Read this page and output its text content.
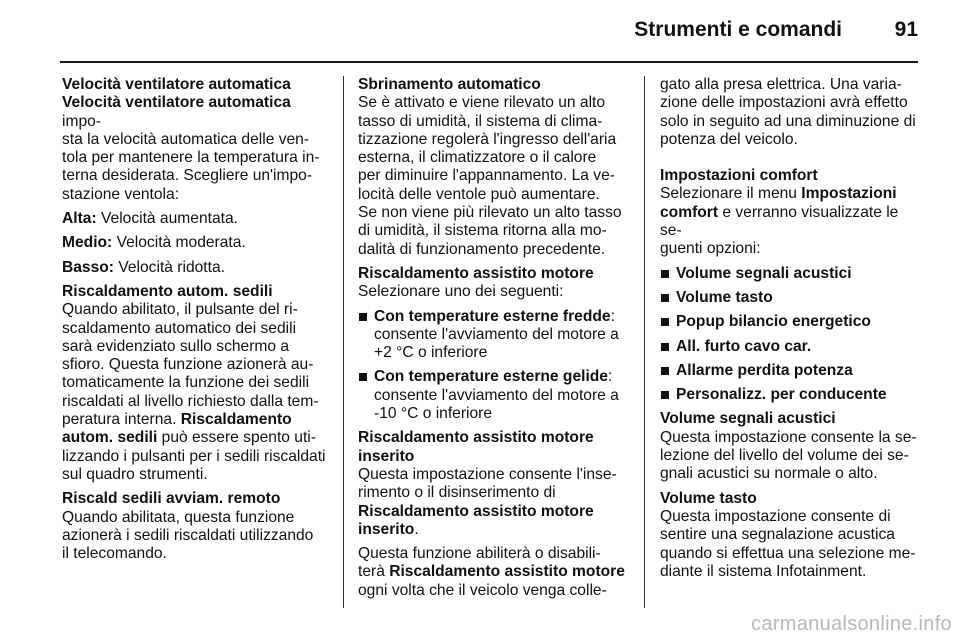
Strumenti e comandi	91
Velocità ventilatore automatica
Velocità ventilatore automatica impo-
sta la velocità automatica delle ven-
tola per mantenere la temperatura in-
terna desiderata. Scegliere un'impo-
stazione ventola:
Alta: Velocità aumentata.
Medio: Velocità moderata.
Basso: Velocità ridotta.
Riscaldamento autom. sedili
Quando abilitato, il pulsante del ri-
scaldamento automatico dei sedili
sarà evidenziato sullo schermo a
sfioro. Questa funzione azionerà au-
tomaticamente la funzione dei sedili
riscaldati al livello richiesto dalla tem-
peratura interna. Riscaldamento
autom. sedili può essere spento uti-
lizzando i pulsanti per i sedili riscaldati
sul quadro strumenti.
Riscald sedili avviam. remoto
Quando abilitata, questa funzione
azionerà i sedili riscaldati utilizzando
il telecomando.
Sbrinamento automatico
Se è attivato e viene rilevato un alto
tasso di umidità, il sistema di clima-
tizzazione regolerà l'ingresso dell'aria
esterna, il climatizzatore o il calore
per diminuire l'appannamento. La ve-
locità delle ventole può aumentare.
Se non viene più rilevato un alto tasso
di umidità, il sistema ritorna alla mo-
dalità di funzionamento precedente.
Riscaldamento assistito motore
Selezionare uno dei seguenti:
Con temperature esterne fredde:
consente l'avviamento del motore a
+2 °C o inferiore
Con temperature esterne gelide:
consente l'avviamento del motore a
-10 °C o inferiore
Riscaldamento assistito motore
inserito
Questa impostazione consente l'inse-
rimento o il disinserimento di
Riscaldamento assistito motore
inserito.
Questa funzione abiliterà o disabili-
terà Riscaldamento assistito motore
ogni volta che il veicolo venga colle-
gato alla presa elettrica. Una varia-
zione delle impostazioni avrà effetto
solo in seguito ad una diminuzione di
potenza del veicolo.
Impostazioni comfort
Selezionare il menu Impostazioni
comfort e verranno visualizzate le se-
guenti opzioni:
Volume segnali acustici
Volume tasto
Popup bilancio energetico
All. furto cavo car.
Allarme perdita potenza
Personalizz. per conducente
Volume segnali acustici
Questa impostazione consente la se-
lezione del livello del volume dei se-
gnali acustici su normale o alto.
Volume tasto
Questa impostazione consente di
sentire una segnalazione acustica
quando si effettua una selezione me-
diante il sistema Infotainment.
carmanualsonline.info
